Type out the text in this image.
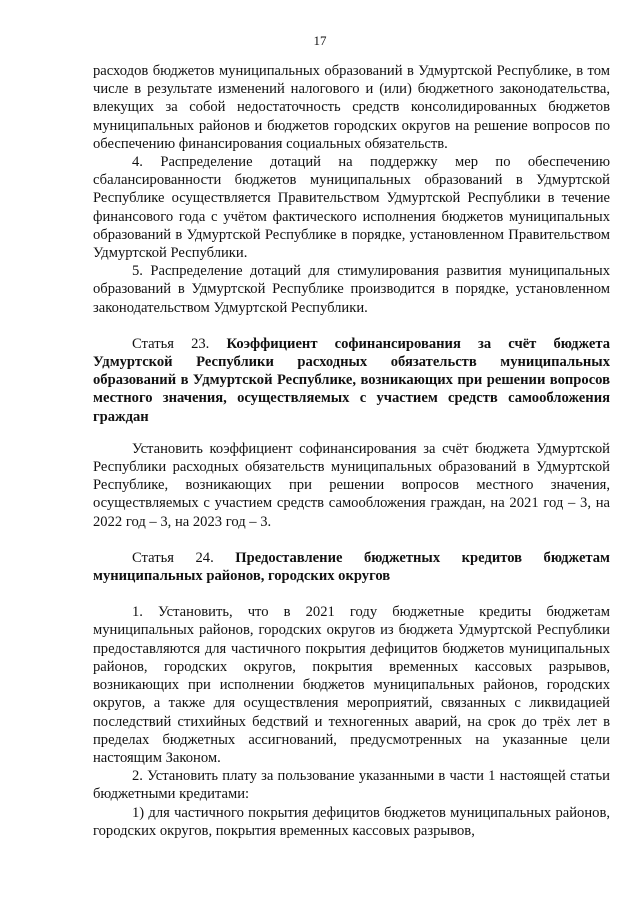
17

расходов бюджетов муниципальных образований в Удмуртской Республике, в том числе в результате изменений налогового и (или) бюджетного законодательства, влекущих за собой недостаточность средств консолидированных бюджетов муниципальных районов и бюджетов городских округов на решение вопросов по обеспечению финансирования социальных обязательств.

4. Распределение дотаций на поддержку мер по обеспечению сбалансированности бюджетов муниципальных образований в Удмуртской Республике осуществляется Правительством Удмуртской Республики в течение финансового года с учётом фактического исполнения бюджетов муниципальных образований в Удмуртской Республике в порядке, установленном Правительством Удмуртской Республики.

5. Распределение дотаций для стимулирования развития муниципальных образований в Удмуртской Республике производится в порядке, установленном законодательством Удмуртской Республики.

Статья 23. Коэффициент софинансирования за счёт бюджета Удмуртской Республики расходных обязательств муниципальных образований в Удмуртской Республике, возникающих при решении вопросов местного значения, осуществляемых с участием средств самообложения граждан

Установить коэффициент софинансирования за счёт бюджета Удмуртской Республики расходных обязательств муниципальных образований в Удмуртской Республике, возникающих при решении вопросов местного значения, осуществляемых с участием средств самообложения граждан, на 2021 год – 3, на 2022 год – 3, на 2023 год – 3.

Статья 24. Предоставление бюджетных кредитов бюджетам муниципальных районов, городских округов

1. Установить, что в 2021 году бюджетные кредиты бюджетам муниципальных районов, городских округов из бюджета Удмуртской Республики предоставляются для частичного покрытия дефицитов бюджетов муниципальных районов, городских округов, покрытия временных кассовых разрывов, возникающих при исполнении бюджетов муниципальных районов, городских округов, а также для осуществления мероприятий, связанных с ликвидацией последствий стихийных бедствий и техногенных аварий, на срок до трёх лет в пределах бюджетных ассигнований, предусмотренных на указанные цели настоящим Законом.

2. Установить плату за пользование указанными в части 1 настоящей статьи бюджетными кредитами:

1) для частичного покрытия дефицитов бюджетов муниципальных районов, городских округов, покрытия временных кассовых разрывов,
